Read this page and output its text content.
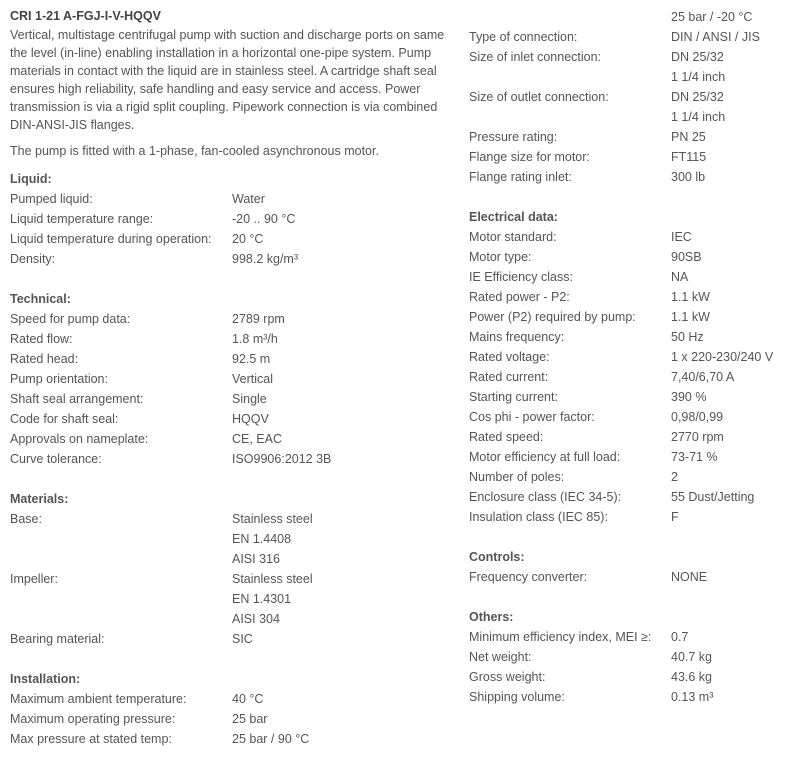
CRI 1-21 A-FGJ-I-V-HQQV
Vertical, multistage centrifugal pump with suction and discharge ports on same the level (in-line) enabling installation in a horizontal one-pipe system. Pump materials in contact with the liquid are in stainless steel. A cartridge shaft seal ensures high reliability, safe handling and easy service and access. Power transmission is via a rigid split coupling. Pipework connection is via combined DIN-ANSI-JIS flanges.
The pump is fitted with a 1-phase, fan-cooled asynchronous motor.
Liquid:
Pumped liquid:	Water
Liquid temperature range:	-20 .. 90 °C
Liquid temperature during operation:	20 °C
Density:	998.2 kg/m³
Technical:
Speed for pump data:	2789 rpm
Rated flow:	1.8 m³/h
Rated head:	92.5 m
Pump orientation:	Vertical
Shaft seal arrangement:	Single
Code for shaft seal:	HQQV
Approvals on nameplate:	CE, EAC
Curve tolerance:	ISO9906:2012 3B
Materials:
Base:	Stainless steel
EN 1.4408
AISI 316
Impeller:	Stainless steel
EN 1.4301
AISI 304
Bearing material:	SIC
Installation:
Maximum ambient temperature:	40 °C
Maximum operating pressure:	25 bar
Max pressure at stated temp:	25 bar / 90 °C
25 bar / -20 °C
Type of connection:	DIN / ANSI / JIS
Size of inlet connection:	DN 25/32
1 1/4 inch
Size of outlet connection:	DN 25/32
1 1/4 inch
Pressure rating:	PN 25
Flange size for motor:	FT115
Flange rating inlet:	300 lb
Electrical data:
Motor standard:	IEC
Motor type:	90SB
IE Efficiency class:	NA
Rated power - P2:	1.1 kW
Power (P2) required by pump:	1.1 kW
Mains frequency:	50 Hz
Rated voltage:	1 x 220-230/240 V
Rated current:	7,40/6,70 A
Starting current:	390 %
Cos phi - power factor:	0,98/0,99
Rated speed:	2770 rpm
Motor efficiency at full load:	73-71 %
Number of poles:	2
Enclosure class (IEC 34-5):	55 Dust/Jetting
Insulation class (IEC 85):	F
Controls:
Frequency converter:	NONE
Others:
Minimum efficiency index, MEI ≥:	0.7
Net weight:	40.7 kg
Gross weight:	43.6 kg
Shipping volume:	0.13 m³
